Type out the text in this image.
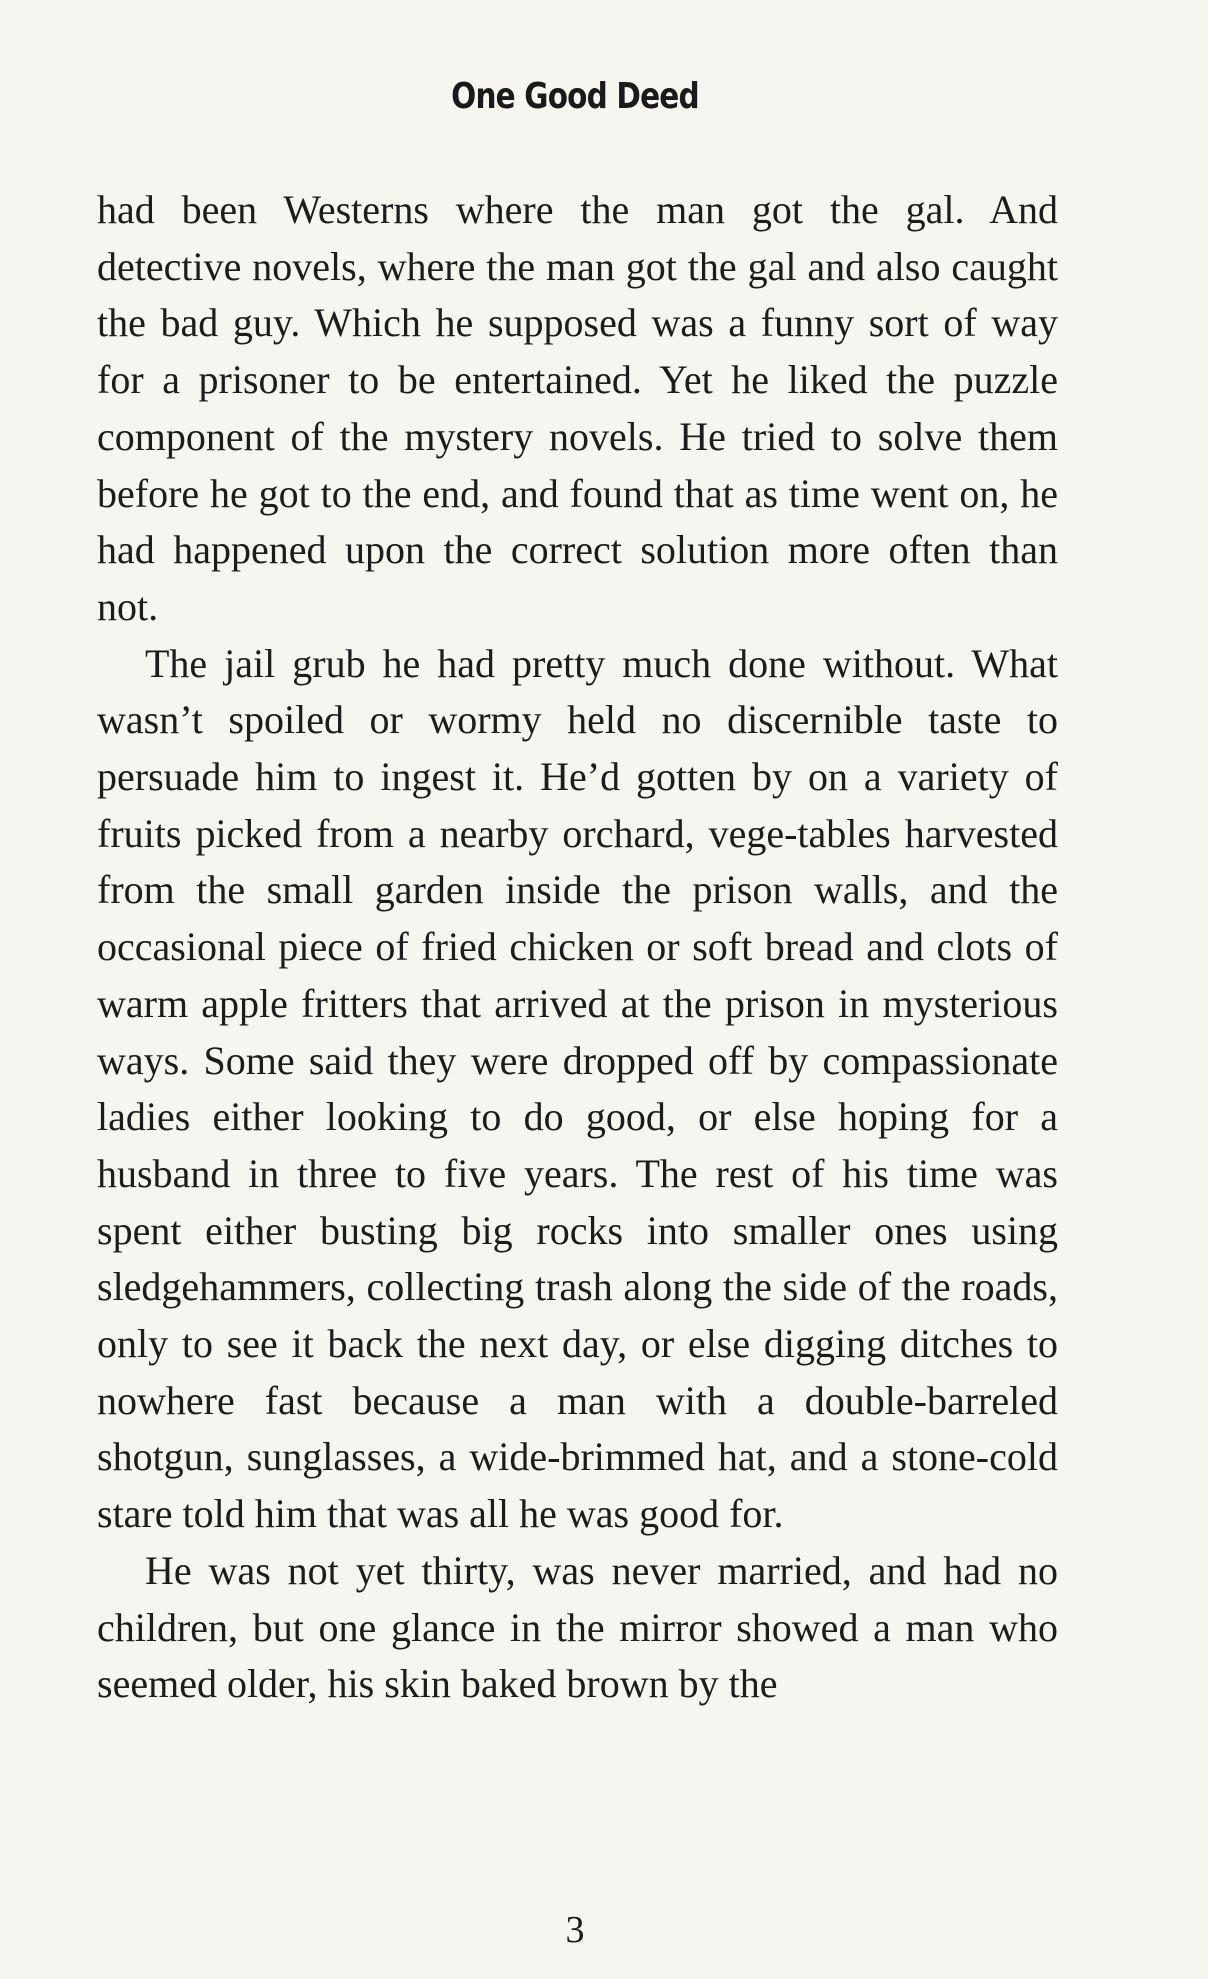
One Good Deed

had been Westerns where the man got the gal. And detective novels, where the man got the gal and also caught the bad guy. Which he supposed was a funny sort of way for a prisoner to be entertained. Yet he liked the puzzle component of the mystery novels. He tried to solve them before he got to the end, and found that as time went on, he had happened upon the correct solution more often than not.

The jail grub he had pretty much done without. What wasn’t spoiled or wormy held no discernible taste to persuade him to ingest it. He’d gotten by on a variety of fruits picked from a nearby orchard, vege-tables harvested from the small garden inside the prison walls, and the occasional piece of fried chicken or soft bread and clots of warm apple fritters that arrived at the prison in mysterious ways. Some said they were dropped off by compassionate ladies either looking to do good, or else hoping for a husband in three to five years. The rest of his time was spent either busting big rocks into smaller ones using sledgehammers, collecting trash along the side of the roads, only to see it back the next day, or else digging ditches to nowhere fast because a man with a double-barreled shotgun, sunglasses, a wide-brimmed hat, and a stone-cold stare told him that was all he was good for.

He was not yet thirty, was never married, and had no children, but one glance in the mirror showed a man who seemed older, his skin baked brown by the

3
